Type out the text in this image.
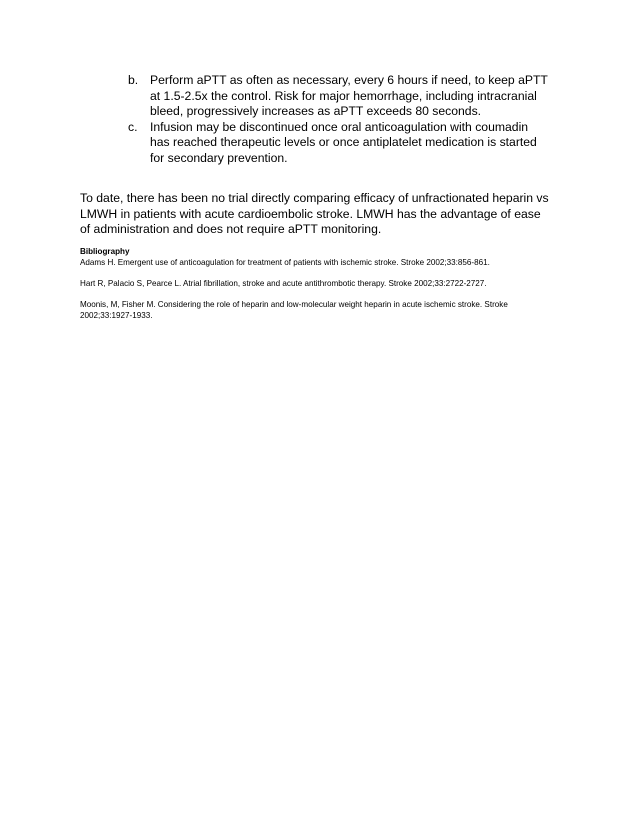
b. Perform aPTT as often as necessary, every 6 hours if need, to keep aPTT at 1.5-2.5x the control. Risk for major hemorrhage, including intracranial bleed, progressively increases as aPTT exceeds 80 seconds.
c. Infusion may be discontinued once oral anticoagulation with coumadin has reached therapeutic levels or once antiplatelet medication is started for secondary prevention.

To date, there has been no trial directly comparing efficacy of unfractionated heparin vs LMWH in patients with acute cardioembolic stroke. LMWH has the advantage of ease of administration and does not require aPTT monitoring.

Bibliography

Adams H. Emergent use of anticoagulation for treatment of patients with ischemic stroke. Stroke 2002;33:856-861.

Hart R, Palacio S, Pearce L. Atrial fibrillation, stroke and acute antithrombotic therapy. Stroke 2002;33:2722-2727.

Moonis, M, Fisher M. Considering the role of heparin and low-molecular weight heparin in acute ischemic stroke. Stroke 2002;33:1927-1933.
